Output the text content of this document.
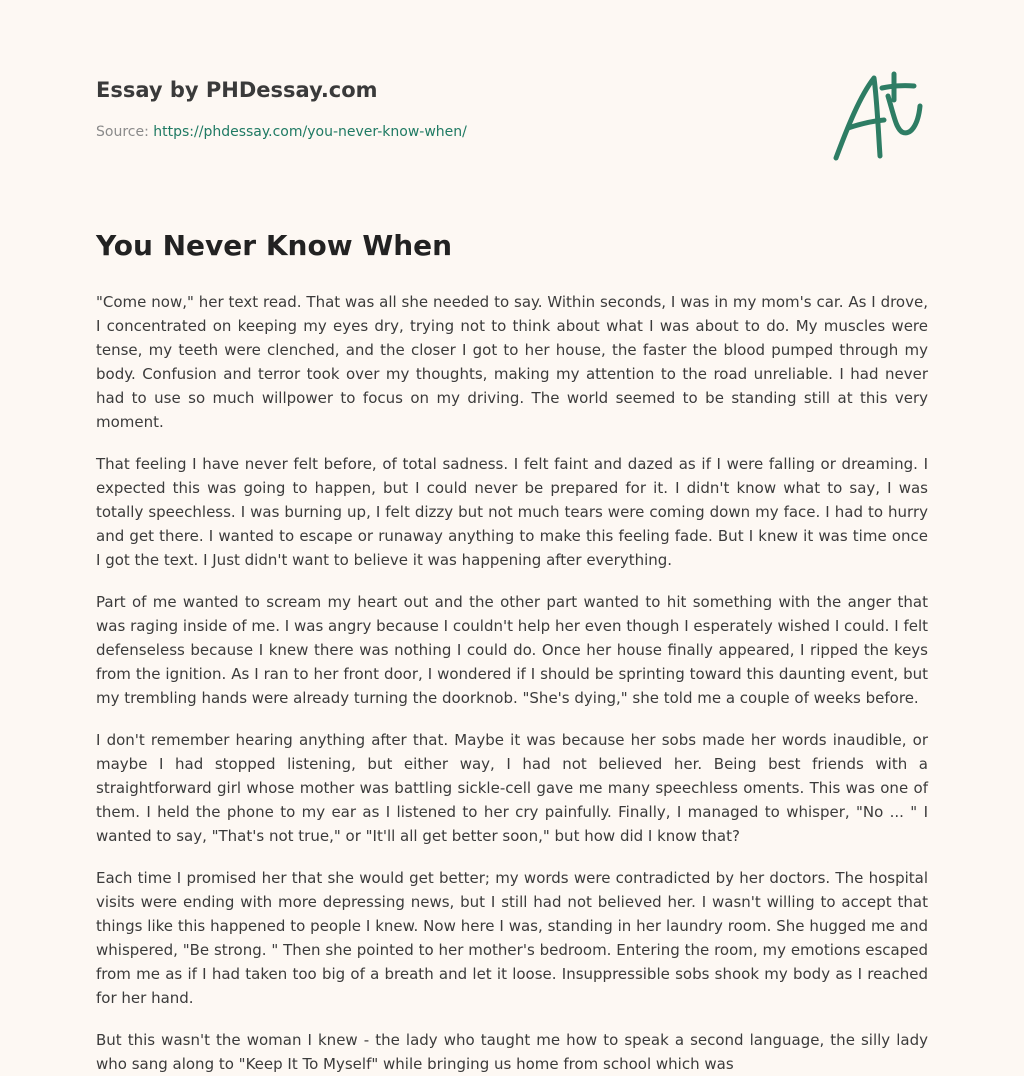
Essay by PHDessay.com
Source: https://phdessay.com/you-never-know-when/
You Never Know When

"Come now," her text read. That was all she needed to say. Within seconds, I was in my mom's car. As I drove, I concentrated on keeping my eyes dry, trying not to think about what I was about to do. My muscles were tense, my teeth were clenched, and the closer I got to her house, the faster the blood pumped through my body. Confusion and terror took over my thoughts, making my attention to the road unreliable. I had never had to use so much willpower to focus on my driving. The world seemed to be standing still at this very moment.

That feeling I have never felt before, of total sadness. I felt faint and dazed as if I were falling or dreaming. I expected this was going to happen, but I could never be prepared for it. I didn't know what to say, I was totally speechless. I was burning up, I felt dizzy but not much tears were coming down my face. I had to hurry and get there. I wanted to escape or runaway anything to make this feeling fade. But I knew it was time once I got the text. I Just didn't want to believe it was happening after everything.

Part of me wanted to scream my heart out and the other part wanted to hit something with the anger that was raging inside of me. I was angry because I couldn't help her even though I esperately wished I could. I felt defenseless because I knew there was nothing I could do. Once her house finally appeared, I ripped the keys from the ignition. As I ran to her front door, I wondered if I should be sprinting toward this daunting event, but my trembling hands were already turning the doorknob. "She's dying," she told me a couple of weeks before.

I don't remember hearing anything after that. Maybe it was because her sobs made her words inaudible, or maybe I had stopped listening, but either way, I had not believed her. Being best friends with a straightforward girl whose mother was battling sickle-cell gave me many speechless oments. This was one of them. I held the phone to my ear as I listened to her cry painfully. Finally, I managed to whisper, "No ... " I wanted to say, "That's not true," or "It'll all get better soon," but how did I know that?

Each time I promised her that she would get better; my words were contradicted by her doctors. The hospital visits were ending with more depressing news, but I still had not believed her. I wasn't willing to accept that things like this happened to people I knew. Now here I was, standing in her laundry room. She hugged me and whispered, "Be strong. " Then she pointed to her mother's bedroom. Entering the room, my emotions escaped from me as if I had taken too big of a breath and let it loose. Insuppressible sobs shook my body as I reached for her hand.

But this wasn't the woman I knew - the lady who taught me how to speak a second language, the silly lady who sang along to "Keep It To Myself" while bringing us home from school which was
